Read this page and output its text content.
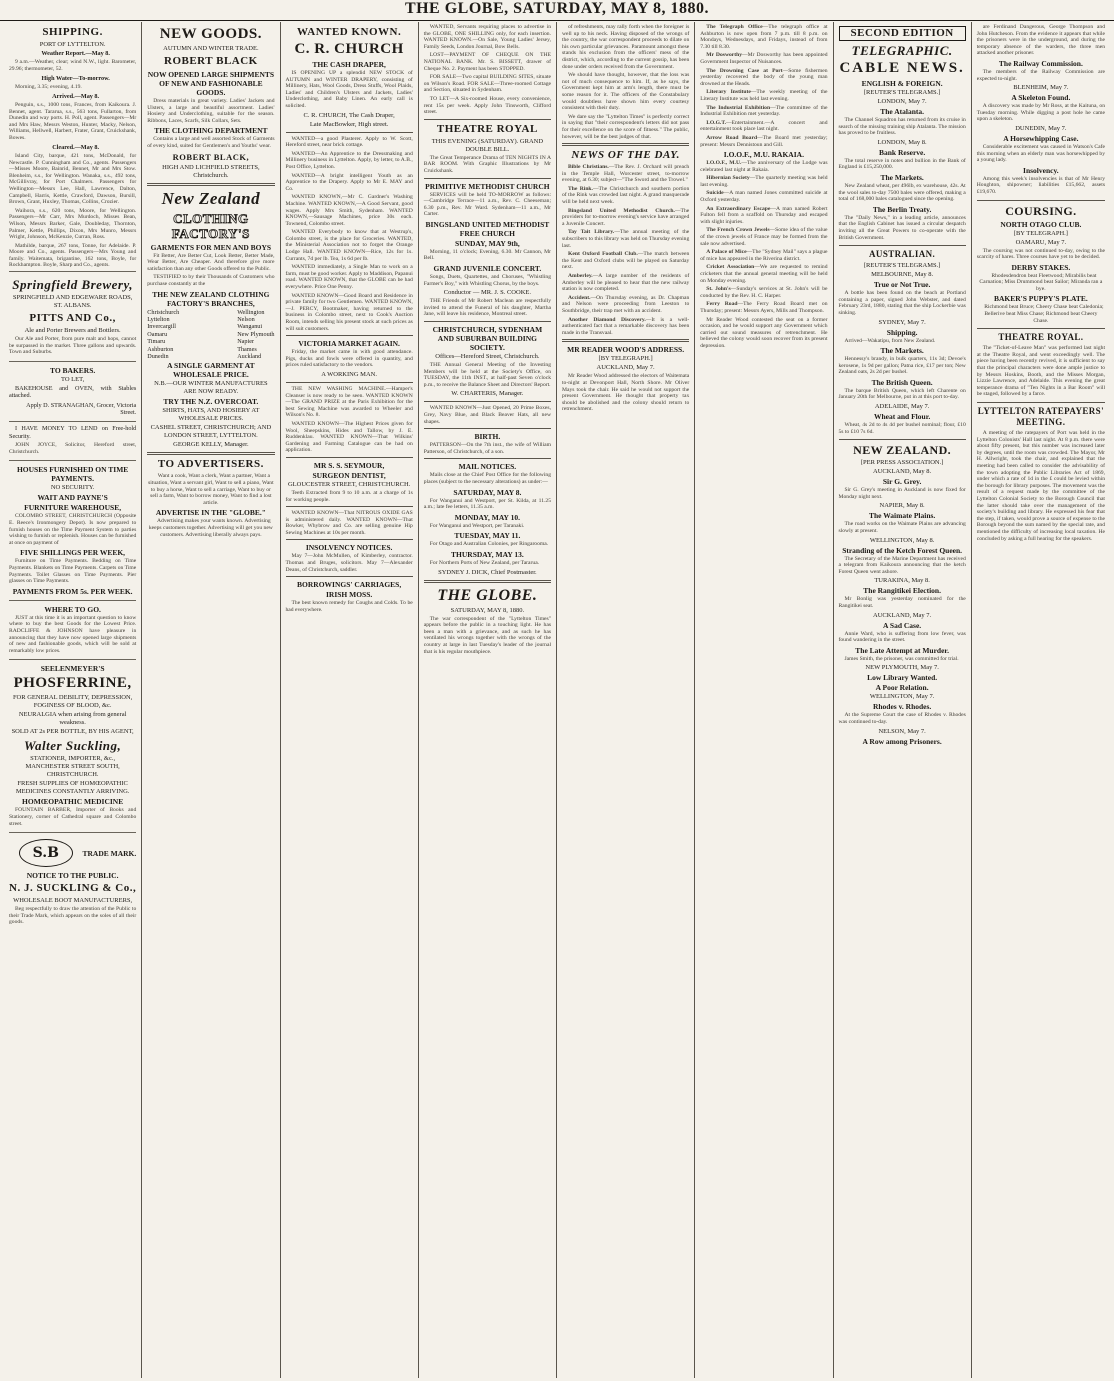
THE GLOBE, SATURDAY, MAY 8, 1880.
SHIPPING.
PORT OF LYTTELTON.
Weather Report.—May 8.
9 a.m.—Weather, clear; wind N.W., light. Barometer, 29.96; thermometer, 52.
High Water—To-morrow.
Morning, 3.35; evening, 4.19.
Arrived.—May 8.
Penguin, s.s., 1000 tons, Frances, from Kaikoura. J. Bennet, agent. Tararua, s.s., 563 tons, Fullarton, from Dunedin and way ports. H. Poll, agent. Passengers—Mr and Mrs Haw, Messrs Weston, Hunter, Macky, Nelson, Williams, Hellwell, Harbert, Frater, Grant, Cruickshank, Bowes.
Cleared.—May 8.
Island City, barque, 421 tons, McDonald, for Newcastle. P. Cunningham and Co., agents. Passengers—Misses Moore, Bainrid, Bennet, Mr and Mrs Stow. Blenheim, s.s., for Wellington. Wanaka, s.s., 492 tons, McGillivray, for Port Chalmers. Passengers for Wellington—Messrs Lee, Hall, Lawrence, Dalton, Campbell, Harris, Kettle, Crawford, Dawson, Bursill, Brown, Grant, Huxley, Thomas, Collins, Crozier.
Waihora, s.s., 620 tons, Moore, for Wellington. Passengers—Mr Carr, Mrs Murdoch, Misses Bean, Wilson, Messrs Barker, Gale, Doubleday, Thornton, Palmer, Kettle, Phillips, Dixon, Mrs Munro, Messrs Wright, Johnson, McKenzie, Curran, Ross.
Mathilde, barque, 267 tons, Tonne, for Adelaide. P. Moore and Co., agents. Passengers—Mrs Young and family. Waitemata, brigantine, 162 tons, Boyle, for Rockhampton. Boyle, Sharp and Co., agents.
Springfield Brewery,
SPRINGFIELD AND EDGEWARE ROADS, ST. ALBANS.
PITTS AND Co.,
Ale and Porter Brewers and Bottlers.
Our Ale and Porter, from pure malt and hops, cannot be surpassed in the market. Three gallons and upwards. Town and Suburbs.
TO BAKERS.
TO LET,
BAKEHOUSE and OVEN, with Stables attached.
Apply D. STRANAGHAN, Grocer, Victoria Street.
I HAVE MONEY TO LEND on Free-hold Security.
JOHN JOYCE, Solicitor, Hereford street, Christchurch.
HOUSES FURNISHED ON TIME PAYMENTS.
NO SECURITY.
WAIT AND PAYNE'S
FURNITURE WAREHOUSE,
COLOMBO STREET, CHRISTCHURCH (Opposite E. Reece's Ironmongery Depot). Is now prepared to furnish houses on the Time Payment System to parties wishing to furnish or replenish. Houses can be furnished at once on payment of
FIVE SHILLINGS PER WEEK,
Furniture on Time Payments. Bedding on Time Payments. Blankets on Time Payments. Carpets on Time Payments. Toilet Glasses on Time Payments. Pier glasses on Time Payments.
PAYMENTS FROM 5s. PER WEEK.
WHERE TO GO.
JUST at this time it is an important question to know where to buy the best Goods for the Lowest Price. RADCLIFFE & JOHNSON have pleasure in announcing that they have now opened large shipments of new and fashionable goods, which will be sold at remarkably low prices.
SEELENMEYER'S
PHOSFERRINE,
FOR GENERAL DEBILITY, DEPRESSION, FOGINESS OF BLOOD, &c.
NEURALGIA when arising from general weakness.
SOLD AT 2s PER BOTTLE, BY HIS AGENT,
Walter Suckling,
STATIONER, IMPORTER, &c., MANCHESTER STREET SOUTH, CHRISTCHURCH.
FRESH SUPPLIES OF HOMŒOPATHIC MEDICINES CONSTANTLY ARRIVING.
HOMŒOPATHIC MEDICINE
FOUNTAIN BARBER, Importer of Books and Stationery, corner of Cathedral square and Colombo street.
S.B	TRADE MARK.
NOTICE TO THE PUBLIC.
N. J. SUCKLING & Co.,
WHOLESALE BOOT MANUFACTURERS,
Beg respectfully to draw the attention of the Public to their Trade Mark, which appears on the soles of all their goods.
NEW GOODS.
AUTUMN AND WINTER TRADE.
ROBERT BLACK
NOW OPENED LARGE SHIPMENTS OF NEW AND FASHIONABLE GOODS.
Dress materials in great variety. Ladies' Jackets and Ulsters, a large and beautiful assortment. Ladies' Hosiery and Underclothing, suitable for the season. Ribbons, Laces, Scarfs, Silk Collars, Sets.
THE CLOTHING DEPARTMENT
Contains a large and well assorted Stock of Garments of every kind, suited for Gentlemen's and Youths' wear.
ROBERT BLACK,
HIGH AND LICHFIELD STREETS, Christchurch.
New Zealand
CLOTHING FACTORY'S
GARMENTS FOR MEN AND BOYS
Fit Better, Are Better Cut, Look Better, Better Made, Wear Better, Are Cheaper. And therefore give more satisfaction than any other Goods offered to the Public.
TESTIFIED to by their Thousands of Customers who purchase constantly at the
THE NEW ZEALAND CLOTHING FACTORY'S BRANCHES,
Christchurch
Lyttelton
Invercargill
Oamaru
Timaru
Ashburton
Dunedin
Wellington
Nelson
Wanganui
New Plymouth
Napier
Thames
Auckland
A SINGLE GARMENT AT WHOLESALE PRICE.
N.B.—OUR WINTER MANUFACTURES ARE NOW READY.
TRY THE N.Z. OVERCOAT.
SHIRTS, HATS, AND HOSIERY AT WHOLESALE PRICES.
CASHEL STREET, CHRISTCHURCH; AND LONDON STREET, LYTTELTON.
GEORGE KELLY, Manager.
TO ADVERTISERS.
Want a cook, Want a clerk, Want a partner, Want a situation, Want a servant girl, Want to sell a piano, Want to buy a horse, Want to sell a carriage, Want to buy or sell a farm, Want to borrow money, Want to find a lost article.
ADVERTISE IN THE "GLOBE."
Advertising makes your wants known. Advertising keeps customers together. Advertising will get you new customers. Advertising liberally always pays.
WANTED KNOWN.
C. R. CHURCH
THE CASH DRAPER,
IS OPENING UP a splendid NEW STOCK of AUTUMN and WINTER DRAPERY, consisting of Millinery, Hats, Wool Goods, Dress Stuffs, Wool Plaids, Ladies' and Children's Ulsters and Jackets, Ladies' Underclothing, and Baby Linen. An early call is solicited.
C. R. CHURCH, The Cash Draper,
Late MacBowker, High street.
WANTED—a good Plasterer. Apply to W. Scott, Hereford street, near brick cottage.
WANTED—An Apprentice to the Dressmaking and Millinery business in Lyttelton. Apply, by letter, to A.B., Post Office, Lyttelton.
WANTED—A bright intelligent Youth as an Apprentice to the Drapery. Apply to Mr E. MAY and Co.
WANTED KNOWN,—Mr C. Gardner's Washing Machine. WANTED KNOWN,—A Good Servant, good wages. Apply Mrs Smith, Sydenham. WANTED KNOWN,—Sausage Machines, price 30s each. Townend, Colombo street.
WANTED Everybody to know that at Westrup's, Colombo street, is the place for Groceries. WANTED, the Ministerial Association not to forget the Orange Lodge Hall. WANTED KNOWN—Rice, 12s for 1s. Currants, 7d per lb. Tea, 1s 6d per lb.
WANTED immediately, a Single Man to work on a farm, must be good worker. Apply to Maddison, Papanui road. WANTED KNOWN, that the GLOBE can be had everywhere. Price One Penny.
WANTED KNOWN—Good Board and Residence in private family for two Gentlemen. WANTED KNOWN,—J. PERCY, Bootmaker, having returned to the business in Colombo street, next to Cook's Auction Room, intends selling his present stock at such prices as will suit customers.
VICTORIA MARKET AGAIN.
Friday, the market came in with good attendance. Pigs, ducks and fowls were offered in quantity, and prices ruled satisfactory to the vendors.
A WORKING MAN.
THE NEW WASHING MACHINE.—Hamper's Cleanser is now ready to be seen. WANTED KNOWN—The GRAND PRIZE at the Paris Exhibition for the best Sewing Machine was awarded to Wheeler and Wilson's No. 8.
WANTED KNOWN—The Highest Prices given for Wool, Sheepskins, Hides and Tallow, by J. E. Ruddenklau. WANTED KNOWN—That Wilkins' Gardening and Farming Catalogue can be had on application.
MR S. S. SEYMOUR,
SURGEON DENTIST,
GLOUCESTER STREET, CHRISTCHURCH.
Teeth Extracted from 9 to 10 a.m. at a charge of 1s for working people.
WANTED KNOWN—That NITROUS OXIDE GAS is administered daily. WANTED KNOWN—That Bowker, Whybrow and Co. are selling genuine Hip Sewing Machines at 10s per month.
INSOLVENCY NOTICES.
May 7—John McMullen, of Kimberley, contractor. Thomas and Bruges, solicitors. May 7—Alexander Deans, of Christchurch, saddler.
BORROWINGS' CARRIAGES,
IRISH MOSS.
The best known remedy for Coughs and Colds. To be had everywhere.
WANTED, Servants requiring places to advertise in the GLOBE, ONE SHILLING only, for each insertion. WANTED KNOWN.—On Sale, Young Ladies' Jersey, Family Seeds, London Journal, Bow Bells.
LOST—PAYMENT OF CHEQUE ON THE NATIONAL BANK. Mr. S. BISSETT, drawer of Cheque No. 2. Payment has been STOPPED.
FOR SALE—Two capital BUILDING SITES, situate on Wilson's Road. FOR SALE—Three-roomed Cottage and Section, situated in Sydenham.
TO LET—A Six-roomed House, every convenience, rent 15s per week. Apply John Tinsworth, Clifford street.
THEATRE ROYAL
THIS EVENING (SATURDAY). GRAND DOUBLE BILL.
The Great Temperance Drama of TEN NIGHTS IN A BAR ROOM. With Graphic Illustrations by Mr Cruickshank.
PRIMITIVE METHODIST CHURCH
SERVICES will be held TO-MORROW as follows:—Cambridge Terrace—11 a.m., Rev. C. Cheeseman; 6.30 p.m., Rev. Mr Ward. Sydenham—11 a.m., Mr Carter.
BINGSLAND UNITED METHODIST FREE CHURCH
SUNDAY, MAY 9th,
Morning, 11 o'clock; Evening, 6.30. Mr Cannon, Mr Bell.
GRAND JUVENILE CONCERT.
Songs, Duets, Quartettes, and Choruses, "Whistling Farmer's Boy," with Whistling Chorus, by the boys.
Conductor — MR. J. S. COOKE.
THE Friends of Mr Robert Maclean are respectfully invited to attend the Funeral of his daughter, Martha Jane, will leave his residence, Montreal street.
CHRISTCHURCH, SYDENHAM AND SUBURBAN BUILDING SOCIETY.
Offices—Hereford Street, Christchurch.
THE Annual General Meeting of the Investing Members will be held at the Society's Office, on TUESDAY, the 11th INST., at half-past Seven o'clock p.m., to receive the Balance Sheet and Directors' Report.
W. CHARTERIS, Manager.
WANTED KNOWN—Just Opened, 20 Prime Boxes, Grey, Navy Blue, and Black Beaver Hats, all new shapes.
BIRTH.
PATTERSON—On the 7th inst., the wife of William Patterson, of Christchurch, of a son.
MAIL NOTICES.
Mails close at the Chief Post Office for the following places (subject to the necessary alterations) as under:—
SATURDAY, MAY 8.
For Wanganui and Westport, per St. Kilda, at 11.25 a.m.; late fee letters, 11.35 a.m.
MONDAY, MAY 10.
For Wanganui and Westport, per Taranaki.
TUESDAY, MAY 11.
For Otago and Australian Colonies, per Ringarooma.
THURSDAY, MAY 13.
For Northern Ports of New Zealand, per Tararua.
SYDNEY J. DICK, Chief Postmaster.
THE GLOBE.
SATURDAY, MAY 8, 1880.
The war correspondent of the "Lyttelton Times" appears before the public in a touching light. He has been a man with a grievance, and as such he has ventilated his wrongs together with the wrongs of the country at large in last Tuesday's leader of the journal that is his regular mouthpiece.
of refreshments, may rally forth when the foreigner is well up to his neck. Having disposed of the wrongs of the country, the war correspondent proceeds to dilate on his own particular grievances. Paramount amongst these stands his exclusion from the officers' mess of the district, which, according to the current gossip, has been done under orders received from the Government.
We should have thought, however, that the loss was not of much consequence to him. If, as he says, the Government kept him at arm's length, there must be some reason for it. The officers of the Constabulary would doubtless have shown him every courtesy consistent with their duty.
We dare say the "Lyttelton Times" is perfectly correct in saying that "their correspondent's letters did not pass for their excellence on the score of fitness." The public, however, will be the best judges of that.
NEWS OF THE DAY.
Bible Christians.—The Rev. J. Orchard will preach in the Temple Hall, Worcester street, to-morrow evening, at 6.30; subject—"The Sword and the Trowel."
The Rink.—The Christchurch and southern portion of the Rink was crowded last night. A grand masquerade will be held next week.
Bingsland United Methodist Church.—The providers for to-morrow evening's service have arranged a Juvenile Concert.
Tay Tait Library.—The annual meeting of the subscribers to this library was held on Thursday evening last.
Kent Oxford Football Club.—The match between the Kent and Oxford clubs will be played on Saturday next.
Amberley.—A large number of the residents of Amberley will be pleased to hear that the new railway station is now completed.
Accident.—On Thursday evening, as Dr. Chapman and Nelson were proceeding from Leeston to Southbridge, their trap met with an accident.
Another Diamond Discovery.—It is a well-authenticated fact that a remarkable discovery has been made in the Transvaal.
MR READER WOOD'S ADDRESS.
[BY TELEGRAPH.]
AUCKLAND, May 7.
Mr Reader Wood addressed the electors of Waitemata to-night at Devonport Hall, North Shore. Mr Oliver Mays took the chair. He said he would not support the present Government. He thought that property tax should be abolished and the colony should return to retrenchment.
The Telegraph Office—The telegraph office at Ashburton is now open from 7 p.m. till 8 p.m. on Mondays, Wednesdays, and Fridays, instead of from 7.30 till 8.30.
Mr Dosworthy—Mr Dosworthy has been appointed Government Inspector of Nuisances.
The Drowning Case at Port—Some fishermen yesterday recovered the body of the young man drowned at the Heads.
Literary Institute—The weekly meeting of the Literary Institute was held last evening.
The Industrial Exhibition—The committee of the Industrial Exhibition met yesterday.
I.O.G.T.—Entertainment.—A concert and entertainment took place last night.
Arrow Road Board—The Board met yesterday; present: Messrs Dennistoun and Gill.
I.O.O.F., M.U. RAKAIA.
I.O.O.F., M.U.—The anniversary of the Lodge was celebrated last night at Rakaia.
Hibernian Society—The quarterly meeting was held last evening.
Suicide—A man named Jones committed suicide at Oxford yesterday.
An Extraordinary Escape—A man named Robert Fulton fell from a scaffold on Thursday and escaped with slight injuries.
The French Crown Jewels—Some idea of the value of the crown jewels of France may be formed from the sale now advertised.
A Palace of Mice—The "Sydney Mail" says a plague of mice has appeared in the Riverina district.
Cricket Association—We are requested to remind cricketers that the annual general meeting will be held on Monday evening.
St. John's—Sunday's services at St. John's will be conducted by the Rev. H. C. Harper.
Ferry Road—The Ferry Road Board met on Thursday; present: Messrs Ayers, Mills and Thompson.
Mr Reader Wood contested the seat on a former occasion, and he would support any Government which carried out sound measures of retrenchment. He believed the colony would soon recover from its present depression.
SECOND EDITION
TELEGRAPHIC.
CABLE NEWS.
ENGLISH & FOREIGN.
[REUTER'S TELEGRAMS.]
LONDON, May 7.
The Atalanta.
The Channel Squadron has returned from its cruise in search of the missing training ship Atalanta. The mission has proved to be fruitless.
LONDON, May 8.
Bank Reserve.
The total reserve in notes and bullion in the Bank of England is £15,250,000.
The Markets.
New Zealand wheat, per 496lb, ex warehouse, 42s. At the wool sales to-day 7500 bales were offered, making a total of 168,000 bales catalogued since the opening.
The Berlin Treaty.
The "Daily News," in a leading article, announces that the English Cabinet has issued a circular despatch inviting all the Great Powers to co-operate with the British Government.
AUSTRALIAN.
[REUTER'S TELEGRAMS.]
MELBOURNE, May 8.
True or Not True.
A bottle has been found on the beach at Portland containing a paper, signed John Webster, and dated February 23rd, 1880, stating that the ship Lockerbie was sinking.
SYDNEY, May 7.
Shipping.
Arrived—Wakatipu, from New Zealand.
The Markets.
Hennessy's brandy, in bulk quarters, 11s 3d; Devoe's kerosene, 1s 9d per gallon; Patna rice, £17 per ton; New Zealand oats, 2s 2d per bushel.
The British Queen.
The barque British Queen, which left Charente on January 20th for Melbourne, put in at this port to-day.
ADELAIDE, May 7.
Wheat and Flour.
Wheat, 4s 2d to 4s 4d per bushel nominal; flour, £10 5s to £10 7s 6d.
NEW ZEALAND.
[PER PRESS ASSOCIATION.]
AUCKLAND, May 8.
Sir G. Grey.
Sir G. Grey's meeting in Auckland is now fixed for Monday night next.
NAPIER, May 8.
The Waimate Plains.
The road works on the Waimate Plains are advancing slowly at present.
WELLINGTON, May 8.
Stranding of the Ketch Forest Queen.
The Secretary of the Marine Department has received a telegram from Kaikoura announcing that the ketch Forest Queen went ashore.
TURAKINA, May 8.
The Rangitikei Election.
Mr Bonlig was yesterday nominated for the Rangitikei seat.
AUCKLAND, May 7.
A Sad Case.
Annie Ward, who is suffering from low fever, was found wandering in the street.
The Late Attempt at Murder.
James Smith, the prisoner, was committed for trial.
NEW PLYMOUTH, May 7.
Low Library Wanted.
A Poor Relation.
WELLINGTON, May 7.
Rhodes v. Rhodes.
At the Supreme Court the case of Rhodes v. Rhodes was continued to-day.
NELSON, May 7.
A Row among Prisoners.
are Ferdinand Dangerous, George Thompson and John Hutcheson. From the evidence it appears that while the prisoners were in the underground, and during the temporary absence of the warders, the three men attacked another prisoner.
The Railway Commission.
The members of the Railway Commission are expected to-night.
BLENHEIM, May 7.
A Skeleton Found.
A discovery was made by Mr Ross, at the Kaituna, on Tuesday morning. While digging a post hole he came upon a skeleton.
DUNEDIN, May 7.
A Horsewhipping Case.
Considerable excitement was caused in Watson's Cafe this morning when an elderly man was horsewhipped by a young lady.
Insolvency.
Among this week's insolvencies is that of Mr Henry Houghton, shipowner; liabilities £15,662, assets £19,670.
COURSING.
NORTH OTAGO CLUB.
[BY TELEGRAPH.]
OAMARU, May 7.
The coursing was not continued to-day, owing to the scarcity of hares. Three courses have yet to be decided.
DERBY STAKES.
Rhodesdendron beat Fleetwood; Mirabilis beat Carnation; Miss Drummond beat Sailor; Miranda ran a bye.
BAKER'S PUPPY'S PLATE.
Richmond beat Bruce; Cheery Chase beat Caledonia; Bellerive beat Miss Chase; Richmond beat Cheery Chase.
THEATRE ROYAL.
The "Ticket-of-Leave Man" was performed last night at the Theatre Royal, and went exceedingly well. The piece having been recently revived, it is sufficient to say that the principal characters were done ample justice to by Messrs Hoskins, Booth, and the Misses Morgan, Lizzie Lawrence, and Adelaide. This evening the great temperance drama of "Ten Nights in a Bar Room" will be staged, followed by a farce.
LYTTELTON RATEPAYERS' MEETING.
A meeting of the ratepayers of Port was held in the Lyttelton Colonists' Hall last night. At 8 p.m. there were about fifty present, but this number was increased later by degrees, until the room was crowded. The Mayor, Mr H. Allwright, took the chair, and explained that the meeting had been called to consider the advisability of the town adopting the Public Libraries Act of 1869, under which a rate of 1d in the £ could be levied within the borough for library purposes. The movement was the result of a request made by the committee of the Lyttelton Colonial Society to the Borough Council that the latter should take over the management of the society's building and library. He expressed his fear that the step, if taken, would prove a source of expense to the Borough beyond the sum named by the special rate, and mentioned the difficulty of increasing local taxation. He concluded by asking a full hearing for the speakers.
